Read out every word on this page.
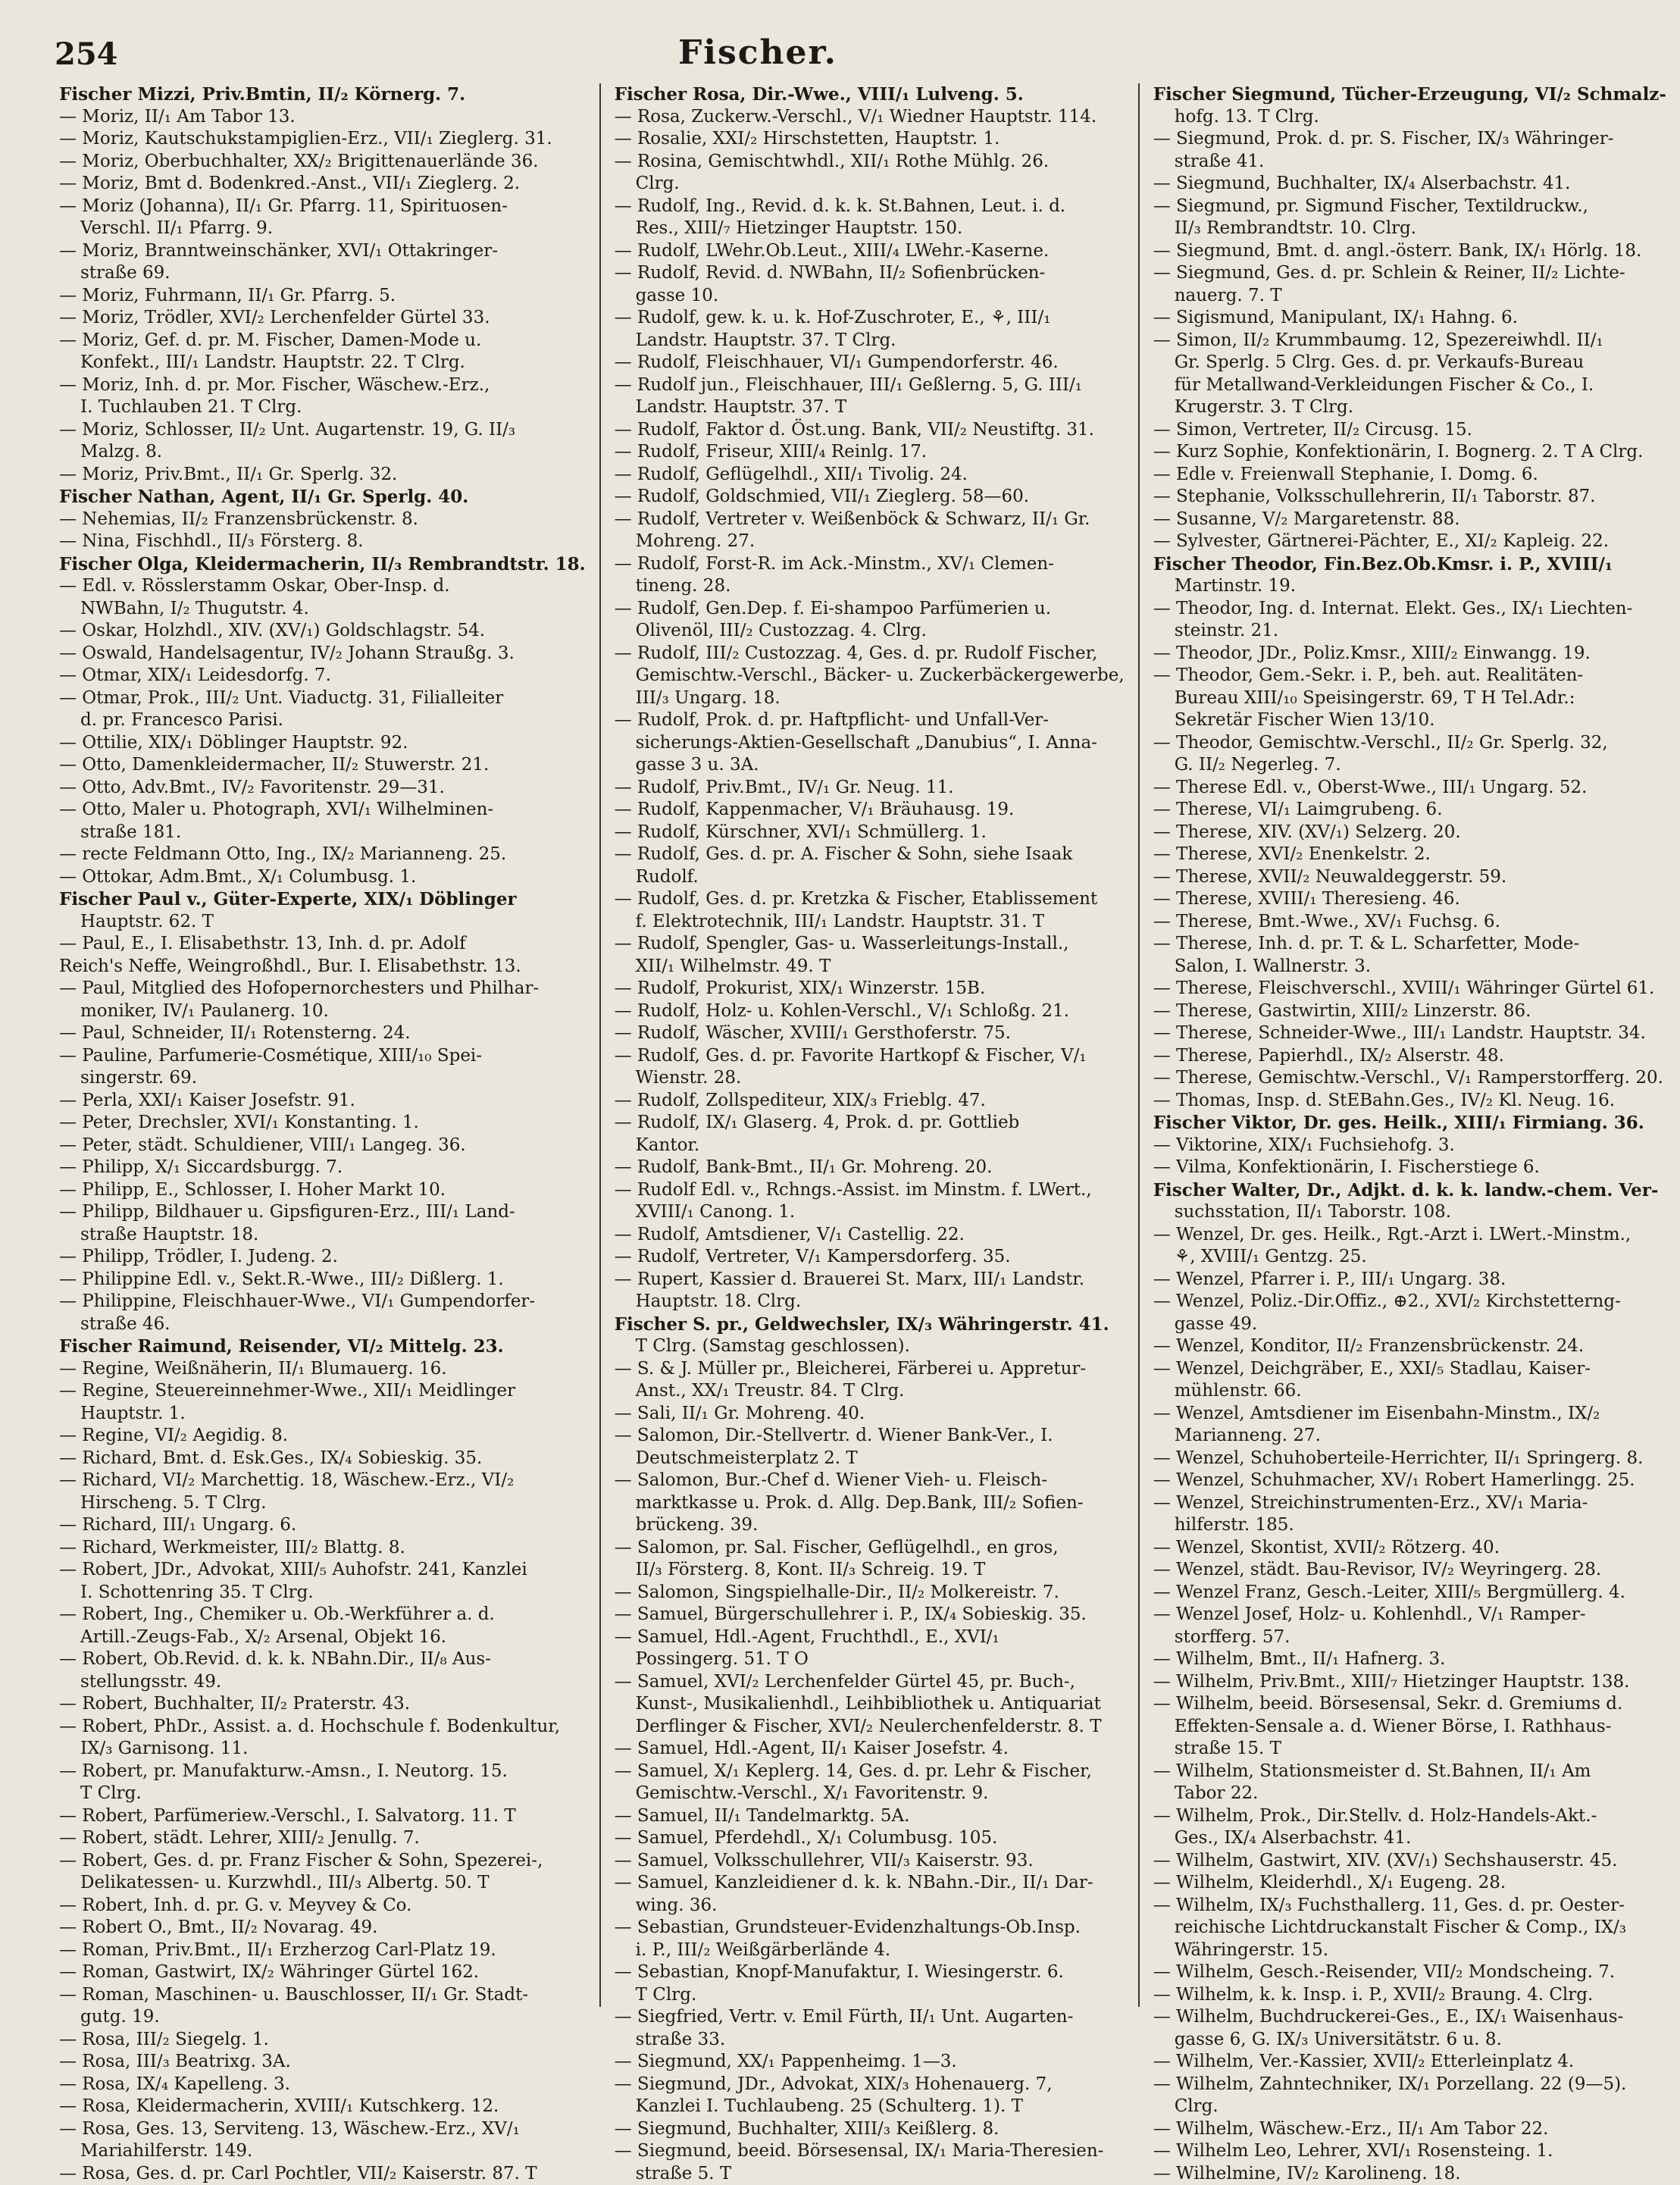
254	Fischer.
Fischer Mizzi, Priv.Bmtin, II/₂ Körnerg. 7.
— Moriz, II/₁ Am Tabor 13.
— Moriz, Kautschukstampiglien-Erz., VII/₁ Zieglerg. 31.
— Moriz, Oberbuchhalter, XX/₂ Brigittenauerlände 36.
— Moriz, Bmt d. Bodenkred.-Anst., VII/₁ Zieglerg. 2.
— Moriz (Johanna), II/₁ Gr. Pfarrg. 11, Spirituosen-
Verschl. II/₁ Pfarrg. 9.
— Moriz, Branntweinschänker, XVI/₁ Ottakringer-
straße 69.
— Moriz, Fuhrmann, II/₁ Gr. Pfarrg. 5.
— Moriz, Trödler, XVI/₂ Lerchenfelder Gürtel 33.
— Moriz, Gef. d. pr. M. Fischer, Damen-Mode u.
Konfekt., III/₁ Landstr. Hauptstr. 22. T Clrg.
— Moriz, Inh. d. pr. Mor. Fischer, Wäschew.-Erz.,
I. Tuchlauben 21. T Clrg.
— Moriz, Schlosser, II/₂ Unt. Augartenstr. 19, G. II/₃
Malzg. 8.
— Moriz, Priv.Bmt., II/₁ Gr. Sperlg. 32.
Fischer Nathan, Agent, II/₁ Gr. Sperlg. 40.
— Nehemias, II/₂ Franzensbrückenstr. 8.
— Nina, Fischhdl., II/₃ Försterg. 8.
Fischer Olga, Kleidermacherin, II/₃ Rembrandtstr. 18.
— Edl. v. Rösslerstamm Oskar, Ober-Insp. d.
NWBahn, I/₂ Thugutstr. 4.
— Oskar, Holzhdl., XIV. (XV/₁) Goldschlagstr. 54.
— Oswald, Handelsagentur, IV/₂ Johann Straußg. 3.
— Otmar, XIX/₁ Leidesdorfg. 7.
— Otmar, Prok., III/₂ Unt. Viaductg. 31, Filialleiter
d. pr. Francesco Parisi.
— Ottilie, XIX/₁ Döblinger Hauptstr. 92.
— Otto, Damenkleidermacher, II/₂ Stuwerstr. 21.
— Otto, Adv.Bmt., IV/₂ Favoritenstr. 29—31.
— Otto, Maler u. Photograph, XVI/₁ Wilhelminen-
straße 181.
— recte Feldmann Otto, Ing., IX/₂ Marianneng. 25.
— Ottokar, Adm.Bmt., X/₁ Columbusg. 1.
Fischer Paul v., Güter-Experte, XIX/₁ Döblinger
Hauptstr. 62. T
— Paul, E., I. Elisabethstr. 13, Inh. d. pr. Adolf
Reich's Neffe, Weingroßhdl., Bur. I. Elisabethstr. 13.
— Paul, Mitglied des Hofopernorchesters und Philhar-
moniker, IV/₁ Paulanerg. 10.
— Paul, Schneider, II/₁ Rotensterng. 24.
— Pauline, Parfumerie-Cosmétique, XIII/₁₀ Spei-
singerstr. 69.
— Perla, XXI/₁ Kaiser Josefstr. 91.
— Peter, Drechsler, XVI/₁ Konstanting. 1.
— Peter, städt. Schuldiener, VIII/₁ Langeg. 36.
— Philipp, X/₁ Siccardsburgg. 7.
— Philipp, E., Schlosser, I. Hoher Markt 10.
— Philipp, Bildhauer u. Gipsfiguren-Erz., III/₁ Land-
straße Hauptstr. 18.
— Philipp, Trödler, I. Judeng. 2.
— Philippine Edl. v., Sekt.R.-Wwe., III/₂ Dißlerg. 1.
— Philippine, Fleischhauer-Wwe., VI/₁ Gumpendorfer-
straße 46.
Fischer Raimund, Reisender, VI/₂ Mittelg. 23.
— Regine, Weißnäherin, II/₁ Blumauerg. 16.
— Regine, Steuereinnehmer-Wwe., XII/₁ Meidlinger
Hauptstr. 1.
— Regine, VI/₂ Aegidig. 8.
— Richard, Bmt. d. Esk.Ges., IX/₄ Sobieskig. 35.
— Richard, VI/₂ Marchettig. 18, Wäschew.-Erz., VI/₂
Hirscheng. 5. T Clrg.
— Richard, III/₁ Ungarg. 6.
— Richard, Werkmeister, III/₂ Blattg. 8.
— Robert, JDr., Advokat, XIII/₅ Auhofstr. 241, Kanzlei
I. Schottenring 35. T Clrg.
— Robert, Ing., Chemiker u. Ob.-Werkführer a. d.
Artill.-Zeugs-Fab., X/₂ Arsenal, Objekt 16.
— Robert, Ob.Revid. d. k. k. NBahn.Dir., II/₈ Aus-
stellungsstr. 49.
— Robert, Buchhalter, II/₂ Praterstr. 43.
— Robert, PhDr., Assist. a. d. Hochschule f. Bodenkultur,
IX/₃ Garnisong. 11.
— Robert, pr. Manufakturw.-Amsn., I. Neutorg. 15.
T Clrg.
— Robert, Parfümeriew.-Verschl., I. Salvatorg. 11. T
— Robert, städt. Lehrer, XIII/₂ Jenullg. 7.
— Robert, Ges. d. pr. Franz Fischer & Sohn, Spezerei-,
Delikatessen- u. Kurzwhdl., III/₃ Albertg. 50. T
— Robert, Inh. d. pr. G. v. Meyvey & Co.
— Robert O., Bmt., II/₂ Novarag. 49.
— Roman, Priv.Bmt., II/₁ Erzherzog Carl-Platz 19.
— Roman, Gastwirt, IX/₂ Währinger Gürtel 162.
— Roman, Maschinen- u. Bauschlosser, II/₁ Gr. Stadt-
gutg. 19.
— Rosa, III/₂ Siegelg. 1.
— Rosa, III/₃ Beatrixg. 3A.
— Rosa, IX/₄ Kapelleng. 3.
— Rosa, Kleidermacherin, XVIII/₁ Kutschkerg. 12.
— Rosa, Ges. 13, Serviteng. 13, Wäschew.-Erz., XV/₁
Mariahilferstr. 149.
— Rosa, Ges. d. pr. Carl Pochtler, VII/₂ Kaiserstr. 87. T
Fischer Rosa, Dir.-Wwe., VIII/₁ Lulveng. 5.
— Rosa, Zuckerw.-Verschl., V/₁ Wiedner Hauptstr. 114.
— Rosalie, XXI/₂ Hirschstetten, Hauptstr. 1.
— Rosina, Gemischtwhdl., XII/₁ Rothe Mühlg. 26.
Clrg.
— Rudolf, Ing., Revid. d. k. k. St.Bahnen, Leut. i. d.
Res., XIII/₇ Hietzinger Hauptstr. 150.
— Rudolf, LWehr.Ob.Leut., XIII/₄ LWehr.-Kaserne.
— Rudolf, Revid. d. NWBahn, II/₂ Sofienbrücken-
gasse 10.
— Rudolf, gew. k. u. k. Hof-Zuschroter, E., ⚘, III/₁
Landstr. Hauptstr. 37. T Clrg.
— Rudolf, Fleischhauer, VI/₁ Gumpendorferstr. 46.
— Rudolf jun., Fleischhauer, III/₁ Geßlerng. 5, G. III/₁
Landstr. Hauptstr. 37. T
— Rudolf, Faktor d. Öst.ung. Bank, VII/₂ Neustiftg. 31.
— Rudolf, Friseur, XIII/₄ Reinlg. 17.
— Rudolf, Geflügelhdl., XII/₁ Tivolig. 24.
— Rudolf, Goldschmied, VII/₁ Zieglerg. 58—60.
— Rudolf, Vertreter v. Weißenböck & Schwarz, II/₁ Gr.
Mohreng. 27.
— Rudolf, Forst-R. im Ack.-Minstm., XV/₁ Clemen-
tineng. 28.
— Rudolf, Gen.Dep. f. Ei-shampoo Parfümerien u.
Olivenöl, III/₂ Custozzag. 4. Clrg.
— Rudolf, III/₂ Custozzag. 4, Ges. d. pr. Rudolf Fischer,
Gemischtw.-Verschl., Bäcker- u. Zuckerbäckergewerbe,
III/₃ Ungarg. 18.
— Rudolf, Prok. d. pr. Haftpflicht- und Unfall-Ver-
sicherungs-Aktien-Gesellschaft „Danubius“, I. Anna-
gasse 3 u. 3A.
— Rudolf, Priv.Bmt., IV/₁ Gr. Neug. 11.
— Rudolf, Kappenmacher, V/₁ Bräuhausg. 19.
— Rudolf, Kürschner, XVI/₁ Schmüllerg. 1.
— Rudolf, Ges. d. pr. A. Fischer & Sohn, siehe Isaak
Rudolf.
— Rudolf, Ges. d. pr. Kretzka & Fischer, Etablissement
f. Elektrotechnik, III/₁ Landstr. Hauptstr. 31. T
— Rudolf, Spengler, Gas- u. Wasserleitungs-Install.,
XII/₁ Wilhelmstr. 49. T
— Rudolf, Prokurist, XIX/₁ Winzerstr. 15B.
— Rudolf, Holz- u. Kohlen-Verschl., V/₁ Schloßg. 21.
— Rudolf, Wäscher, XVIII/₁ Gersthoferstr. 75.
— Rudolf, Ges. d. pr. Favorite Hartkopf & Fischer, V/₁
Wienstr. 28.
— Rudolf, Zollspediteur, XIX/₃ Frieblg. 47.
— Rudolf, IX/₁ Glaserg. 4, Prok. d. pr. Gottlieb
Kantor.
— Rudolf, Bank-Bmt., II/₁ Gr. Mohreng. 20.
— Rudolf Edl. v., Rchngs.-Assist. im Minstm. f. LWert.,
XVIII/₁ Canong. 1.
— Rudolf, Amtsdiener, V/₁ Castellig. 22.
— Rudolf, Vertreter, V/₁ Kampersdorferg. 35.
— Rupert, Kassier d. Brauerei St. Marx, III/₁ Landstr.
Hauptstr. 18. Clrg.
Fischer S. pr., Geldwechsler, IX/₃ Währingerstr. 41.
T Clrg. (Samstag geschlossen).
— S. & J. Müller pr., Bleicherei, Färberei u. Appretur-
Anst., XX/₁ Treustr. 84. T Clrg.
— Sali, II/₁ Gr. Mohreng. 40.
— Salomon, Dir.-Stellvertr. d. Wiener Bank-Ver., I.
Deutschmeisterplatz 2. T
— Salomon, Bur.-Chef d. Wiener Vieh- u. Fleisch-
marktkasse u. Prok. d. Allg. Dep.Bank, III/₂ Sofien-
brückeng. 39.
— Salomon, pr. Sal. Fischer, Geflügelhdl., en gros,
II/₃ Försterg. 8, Kont. II/₃ Schreig. 19. T
— Salomon, Singspielhalle-Dir., II/₂ Molkereistr. 7.
— Samuel, Bürgerschullehrer i. P., IX/₄ Sobieskig. 35.
— Samuel, Hdl.-Agent, Fruchthdl., E., XVI/₁
Possingerg. 51. T O
— Samuel, XVI/₂ Lerchenfelder Gürtel 45, pr. Buch-,
Kunst-, Musikalienhdl., Leihbibliothek u. Antiquariat
Derflinger & Fischer, XVI/₂ Neulerchenfelderstr. 8. T
— Samuel, Hdl.-Agent, II/₁ Kaiser Josefstr. 4.
— Samuel, X/₁ Keplerg. 14, Ges. d. pr. Lehr & Fischer,
Gemischtw.-Verschl., X/₁ Favoritenstr. 9.
— Samuel, II/₁ Tandelmarktg. 5A.
— Samuel, Pferdehdl., X/₁ Columbusg. 105.
— Samuel, Volksschullehrer, VII/₃ Kaiserstr. 93.
— Samuel, Kanzleidiener d. k. k. NBahn.-Dir., II/₁ Dar-
wing. 36.
— Sebastian, Grundsteuer-Evidenzhaltungs-Ob.Insp.
i. P., III/₂ Weißgärberlände 4.
— Sebastian, Knopf-Manufaktur, I. Wiesingerstr. 6.
T Clrg.
— Siegfried, Vertr. v. Emil Fürth, II/₁ Unt. Augarten-
straße 33.
— Siegmund, XX/₁ Pappenheimg. 1—3.
— Siegmund, JDr., Advokat, XIX/₃ Hohenauerg. 7,
Kanzlei I. Tuchlaubeng. 25 (Schulterg. 1). T
— Siegmund, Buchhalter, XIII/₃ Keißlerg. 8.
— Siegmund, beeid. Börsesensal, IX/₁ Maria-Theresien-
straße 5. T
Fischer Siegmund, Tücher-Erzeugung, VI/₂ Schmalz-
hofg. 13. T Clrg.
— Siegmund, Prok. d. pr. S. Fischer, IX/₃ Währinger-
straße 41.
— Siegmund, Buchhalter, IX/₄ Alserbachstr. 41.
— Siegmund, pr. Sigmund Fischer, Textildruckw.,
II/₃ Rembrandtstr. 10. Clrg.
— Siegmund, Bmt. d. angl.-österr. Bank, IX/₁ Hörlg. 18.
— Siegmund, Ges. d. pr. Schlein & Reiner, II/₂ Lichte-
nauerg. 7. T
— Sigismund, Manipulant, IX/₁ Hahng. 6.
— Simon, II/₂ Krummbaumg. 12, Spezereiwhdl. II/₁
Gr. Sperlg. 5 Clrg. Ges. d. pr. Verkaufs-Bureau
für Metallwand-Verkleidungen Fischer & Co., I.
Krugerstr. 3. T Clrg.
— Simon, Vertreter, II/₂ Circusg. 15.
— Kurz Sophie, Konfektionärin, I. Bognerg. 2. T A Clrg.
— Edle v. Freienwall Stephanie, I. Domg. 6.
— Stephanie, Volksschullehrerin, II/₁ Taborstr. 87.
— Susanne, V/₂ Margaretenstr. 88.
— Sylvester, Gärtnerei-Pächter, E., XI/₂ Kapleig. 22.
Fischer Theodor, Fin.Bez.Ob.Kmsr. i. P., XVIII/₁
Martinstr. 19.
— Theodor, Ing. d. Internat. Elekt. Ges., IX/₁ Liechten-
steinstr. 21.
— Theodor, JDr., Poliz.Kmsr., XIII/₂ Einwangg. 19.
— Theodor, Gem.-Sekr. i. P., beh. aut. Realitäten-
Bureau XIII/₁₀ Speisingerstr. 69, T H Tel.Adr.:
Sekretär Fischer Wien 13/10.
— Theodor, Gemischtw.-Verschl., II/₂ Gr. Sperlg. 32,
G. II/₂ Negerleg. 7.
— Therese Edl. v., Oberst-Wwe., III/₁ Ungarg. 52.
— Therese, VI/₁ Laimgrubeng. 6.
— Therese, XIV. (XV/₁) Selzerg. 20.
— Therese, XVI/₂ Enenkelstr. 2.
— Therese, XVII/₂ Neuwaldeggerstr. 59.
— Therese, XVIII/₁ Theresieng. 46.
— Therese, Bmt.-Wwe., XV/₁ Fuchsg. 6.
— Therese, Inh. d. pr. T. & L. Scharfetter, Mode-
Salon, I. Wallnerstr. 3.
— Therese, Fleischverschl., XVIII/₁ Währinger Gürtel 61.
— Therese, Gastwirtin, XIII/₂ Linzerstr. 86.
— Therese, Schneider-Wwe., III/₁ Landstr. Hauptstr. 34.
— Therese, Papierhdl., IX/₂ Alserstr. 48.
— Therese, Gemischtw.-Verschl., V/₁ Ramperstorfferg. 20.
— Thomas, Insp. d. StEBahn.Ges., IV/₂ Kl. Neug. 16.
Fischer Viktor, Dr. ges. Heilk., XIII/₁ Firmiang. 36.
— Viktorine, XIX/₁ Fuchsiehofg. 3.
— Vilma, Konfektionärin, I. Fischerstiege 6.
Fischer Walter, Dr., Adjkt. d. k. k. landw.-chem. Ver-
suchsstation, II/₁ Taborstr. 108.
— Wenzel, Dr. ges. Heilk., Rgt.-Arzt i. LWert.-Minstm.,
⚘, XVIII/₁ Gentzg. 25.
— Wenzel, Pfarrer i. P., III/₁ Ungarg. 38.
— Wenzel, Poliz.-Dir.Offiz., ⊕2., XVI/₂ Kirchstetterng-
gasse 49.
— Wenzel, Konditor, II/₂ Franzensbrückenstr. 24.
— Wenzel, Deichgräber, E., XXI/₅ Stadlau, Kaiser-
mühlenstr. 66.
— Wenzel, Amtsdiener im Eisenbahn-Minstm., IX/₂
Marianneng. 27.
— Wenzel, Schuhoberteile-Herrichter, II/₁ Springerg. 8.
— Wenzel, Schuhmacher, XV/₁ Robert Hamerlingg. 25.
— Wenzel, Streichinstrumenten-Erz., XV/₁ Maria-
hilferstr. 185.
— Wenzel, Skontist, XVII/₂ Rötzerg. 40.
— Wenzel, städt. Bau-Revisor, IV/₂ Weyringerg. 28.
— Wenzel Franz, Gesch.-Leiter, XIII/₅ Bergmüllerg. 4.
— Wenzel Josef, Holz- u. Kohlenhdl., V/₁ Ramper-
storfferg. 57.
— Wilhelm, Bmt., II/₁ Hafnerg. 3.
— Wilhelm, Priv.Bmt., XIII/₇ Hietzinger Hauptstr. 138.
— Wilhelm, beeid. Börsesensal, Sekr. d. Gremiums d.
Effekten-Sensale a. d. Wiener Börse, I. Rathhaus-
straße 15. T
— Wilhelm, Stationsmeister d. St.Bahnen, II/₁ Am
Tabor 22.
— Wilhelm, Prok., Dir.Stellv. d. Holz-Handels-Akt.-
Ges., IX/₄ Alserbachstr. 41.
— Wilhelm, Gastwirt, XIV. (XV/₁) Sechshauserstr. 45.
— Wilhelm, Kleiderhdl., X/₁ Eugeng. 28.
— Wilhelm, IX/₃ Fuchsthallerg. 11, Ges. d. pr. Oester-
reichische Lichtdruckanstalt Fischer & Comp., IX/₃
Währingerstr. 15.
— Wilhelm, Gesch.-Reisender, VII/₂ Mondscheing. 7.
— Wilhelm, k. k. Insp. i. P., XVII/₂ Braung. 4. Clrg.
— Wilhelm, Buchdruckerei-Ges., E., IX/₁ Waisenhaus-
gasse 6, G. IX/₃ Universitätstr. 6 u. 8.
— Wilhelm, Ver.-Kassier, XVII/₂ Etterleinplatz 4.
— Wilhelm, Zahntechniker, IX/₁ Porzellang. 22 (9—5).
Clrg.
— Wilhelm, Wäschew.-Erz., II/₁ Am Tabor 22.
— Wilhelm Leo, Lehrer, XVI/₁ Rosensteing. 1.
— Wilhelmine, IV/₂ Karolineng. 18.
